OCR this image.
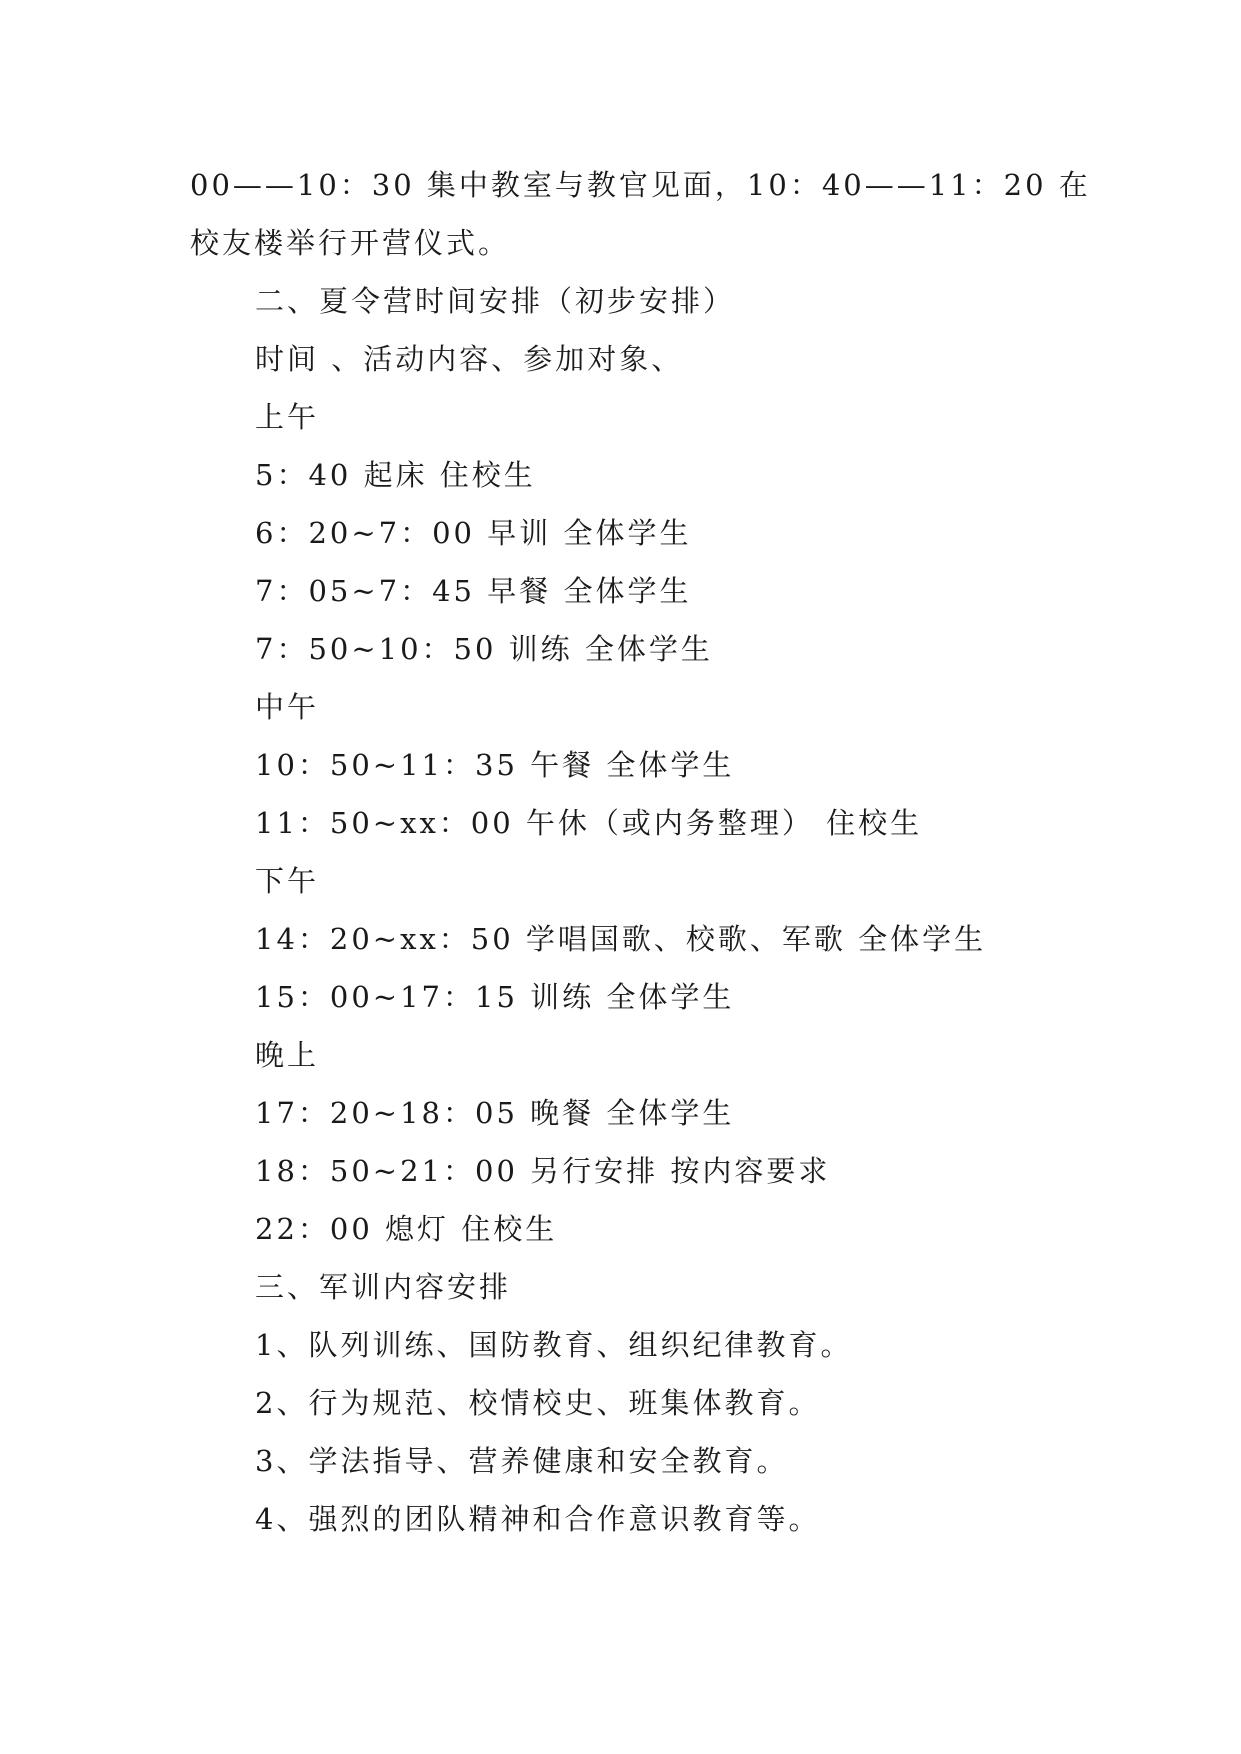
00——10：30 集中教室与教官见面，10：40——11：20 在
校友楼举行开营仪式。
二、夏令营时间安排（初步安排）
时间 、活动内容、参加对象、
上午
5：40 起床 住校生
6：20~7：00 早训 全体学生
7：05~7：45 早餐 全体学生
7：50~10：50 训练 全体学生
中午
10：50~11：35 午餐 全体学生
11：50~xx：00 午休（或内务整理） 住校生
下午
14：20~xx：50 学唱国歌、校歌、军歌 全体学生
15：00~17：15 训练 全体学生
晚上
17：20~18：05 晚餐 全体学生
18：50~21：00 另行安排 按内容要求
22：00 熄灯 住校生
三、军训内容安排
1、队列训练、国防教育、组织纪律教育。
2、行为规范、校情校史、班集体教育。
3、学法指导、营养健康和安全教育。
4、强烈的团队精神和合作意识教育等。
